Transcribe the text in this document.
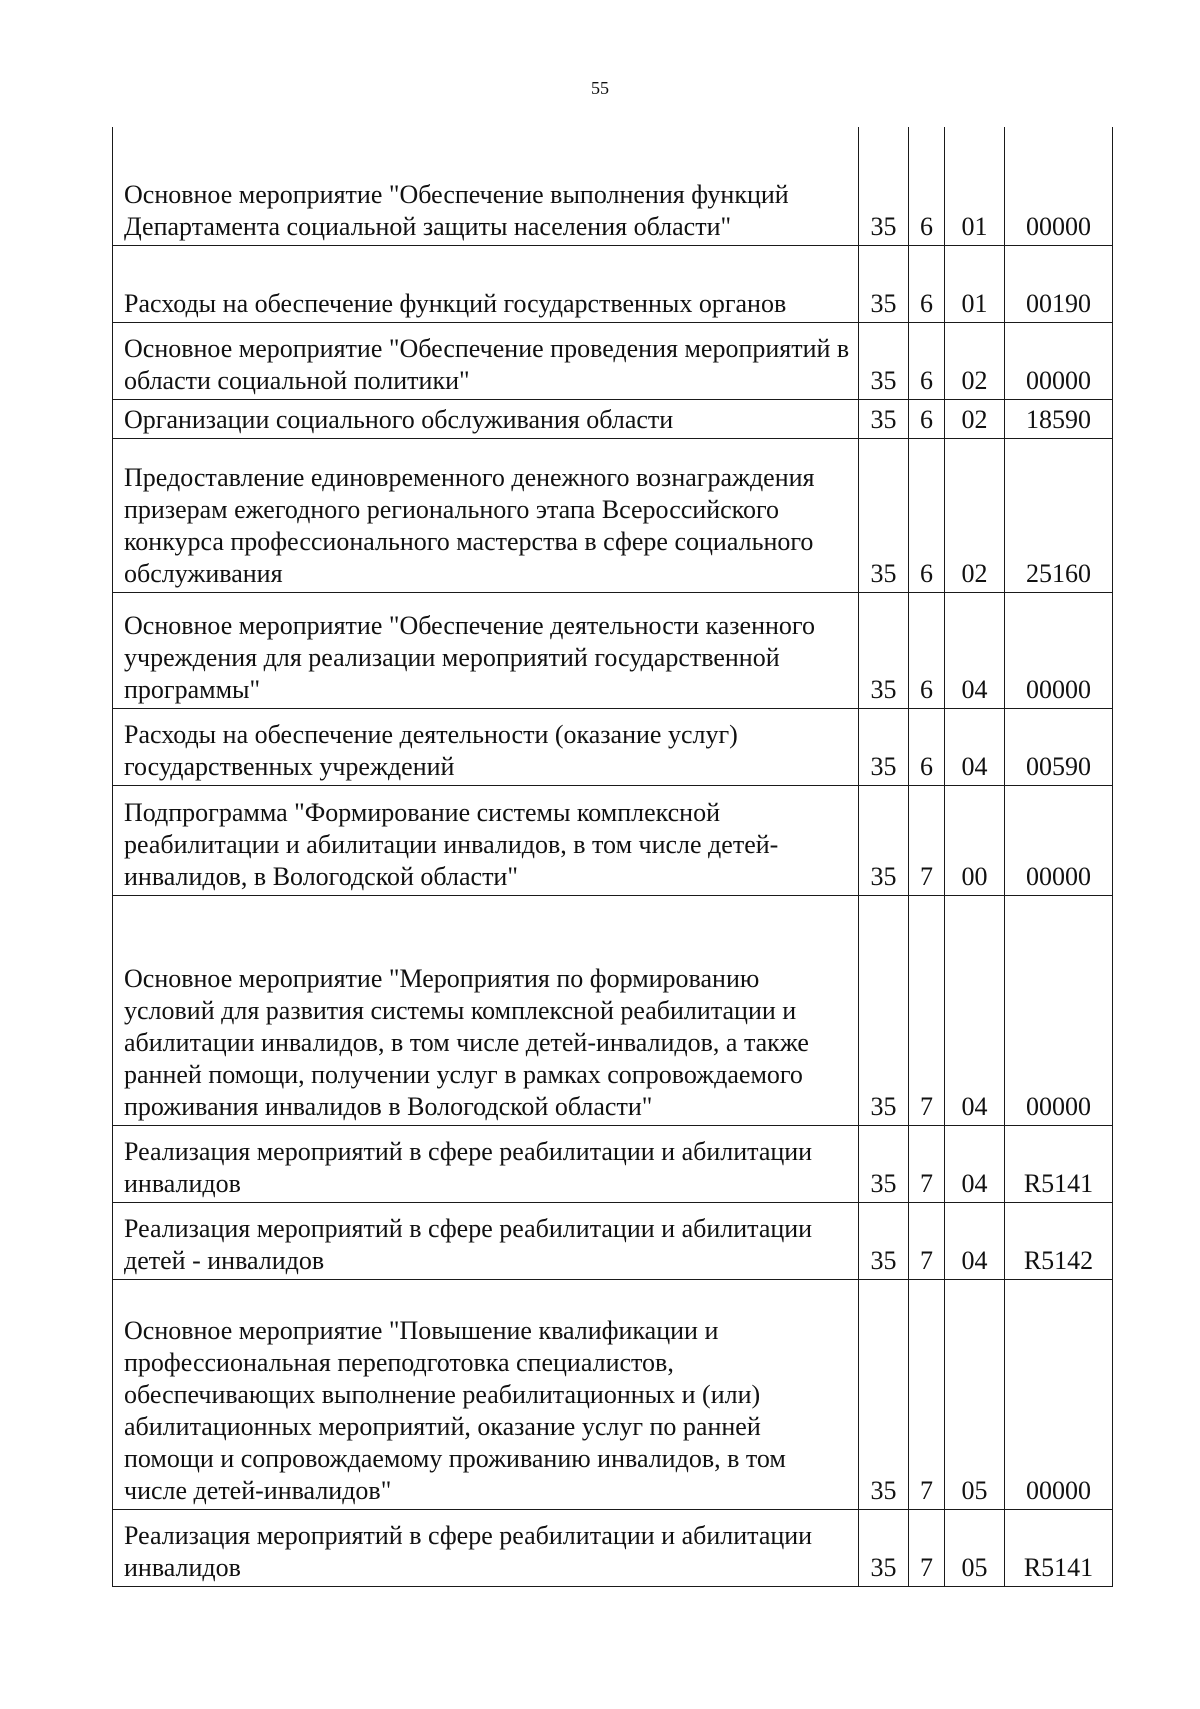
55
Основное мероприятие "Обеспечение выполнения функций Департамента социальной защиты населения области"	35	6	01	00000
Расходы на обеспечение функций государственных органов	35	6	01	00190
Основное мероприятие "Обеспечение проведения мероприятий в области социальной политики"	35	6	02	00000
Организации социального обслуживания области	35	6	02	18590
Предоставление единовременного денежного вознаграждения призерам ежегодного регионального этапа Всероссийского конкурса профессионального мастерства в сфере социального обслуживания	35	6	02	25160
Основное мероприятие "Обеспечение деятельности казенного учреждения для реализации мероприятий государственной программы"	35	6	04	00000
Расходы на обеспечение деятельности (оказание услуг) государственных учреждений	35	6	04	00590
Подпрограмма "Формирование системы комплексной реабилитации и абилитации инвалидов, в том числе детей-инвалидов, в Вологодской области"	35	7	00	00000
Основное мероприятие "Мероприятия по формированию условий для развития системы комплексной реабилитации и абилитации инвалидов, в том числе детей-инвалидов, а также ранней помощи, получении услуг в рамках сопровождаемого проживания инвалидов в Вологодской области"	35	7	04	00000
Реализация мероприятий в сфере реабилитации и абилитации инвалидов	35	7	04	R5141
Реализация мероприятий в сфере реабилитации и абилитации детей - инвалидов	35	7	04	R5142
Основное мероприятие "Повышение квалификации и профессиональная переподготовка специалистов, обеспечивающих выполнение реабилитационных и (или) абилитационных мероприятий, оказание услуг по ранней помощи и сопровождаемому проживанию инвалидов, в том числе детей-инвалидов"	35	7	05	00000
Реализация мероприятий в сфере реабилитации и абилитации инвалидов	35	7	05	R5141
